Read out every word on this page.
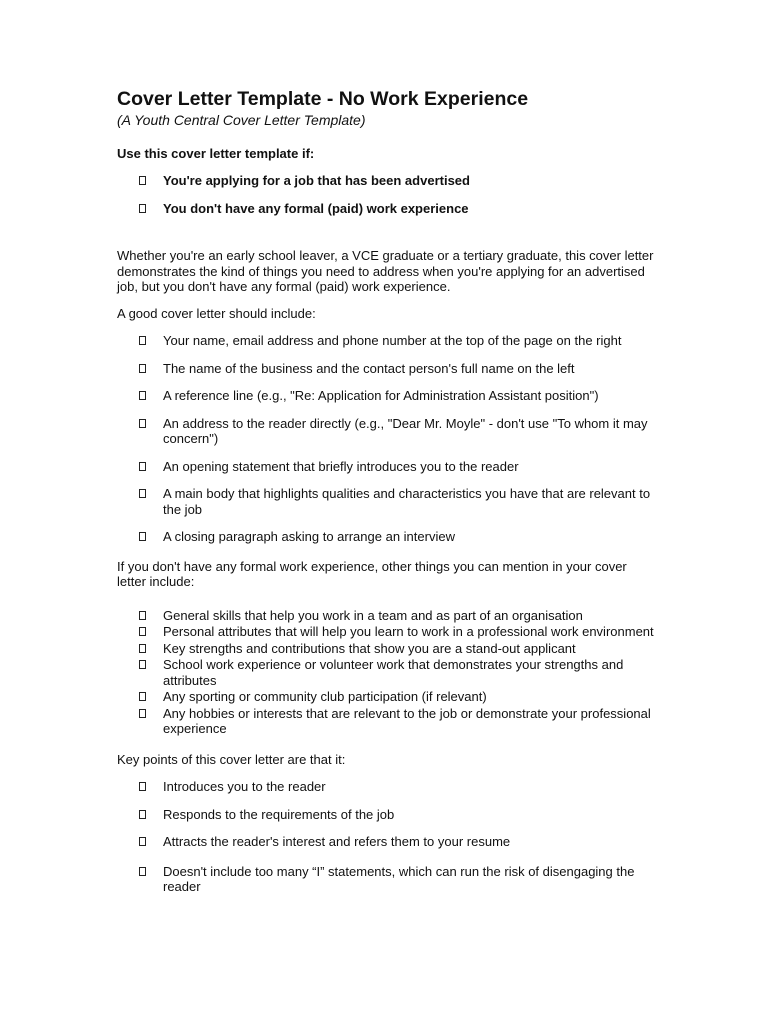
Cover Letter Template - No Work Experience

(A Youth Central Cover Letter Template)

Use this cover letter template if:

You're applying for a job that has been advertised
You don't have any formal (paid) work experience

Whether you're an early school leaver, a VCE graduate or a tertiary graduate, this cover letter demonstrates the kind of things you need to address when you're applying for an advertised job, but you don't have any formal (paid) work experience.

A good cover letter should include:

Your name, email address and phone number at the top of the page on the right
The name of the business and the contact person's full name on the left
A reference line (e.g., "Re: Application for Administration Assistant position")
An address to the reader directly (e.g., "Dear Mr. Moyle" - don't use "To whom it may concern")
An opening statement that briefly introduces you to the reader
A main body that highlights qualities and characteristics you have that are relevant to the job
A closing paragraph asking to arrange an interview

If you don't have any formal work experience, other things you can mention in your cover letter include:

General skills that help you work in a team and as part of an organisation
Personal attributes that will help you learn to work in a professional work environment
Key strengths and contributions that show you are a stand-out applicant
School work experience or volunteer work that demonstrates your strengths and attributes
Any sporting or community club participation (if relevant)
Any hobbies or interests that are relevant to the job or demonstrate your professional experience

Key points of this cover letter are that it:

Introduces you to the reader
Responds to the requirements of the job
Attracts the reader's interest and refers them to your resume
Doesn't include too many “I” statements, which can run the risk of disengaging the reader
